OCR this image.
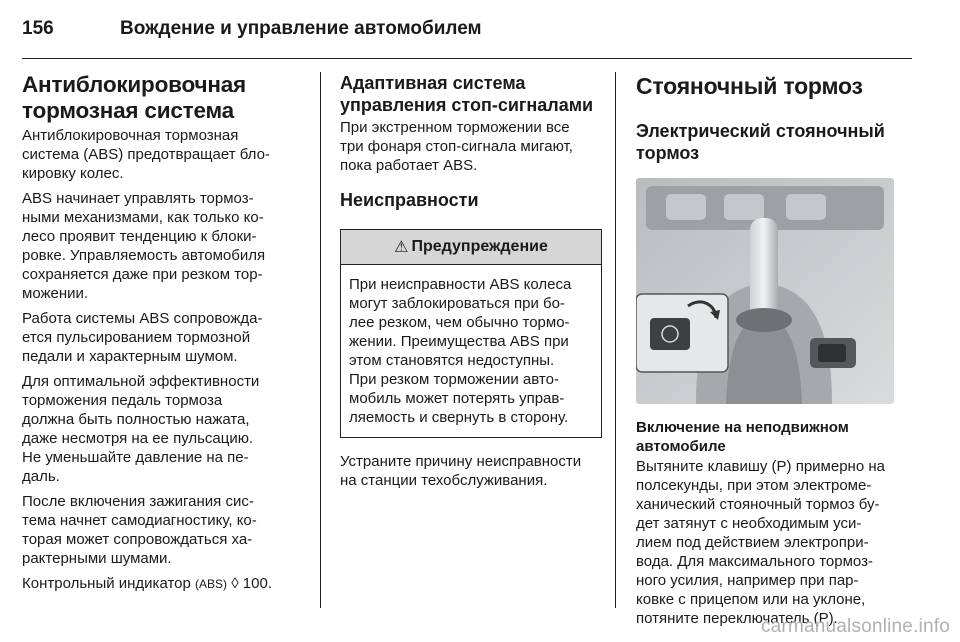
156	Вождение и управление автомобилем
Антиблокировочная тормозная система

Антиблокировочная тормозная
система (ABS) предотвращает бло-
кировку колес.

ABS начинает управлять тормоз-
ными механизмами, как только ко-
лесо проявит тенденцию к блоки-
ровке. Управляемость автомобиля
сохраняется даже при резком тор-
можении.

Работа системы ABS сопровожда-
ется пульсированием тормозной
педали и характерным шумом.

Для оптимальной эффективности
торможения педаль тормоза
должна быть полностью нажата,
даже несмотря на ее пульсацию.
Не уменьшайте давление на пе-
даль.

После включения зажигания сис-
тема начнет самодиагностику, ко-
торая может сопровождаться ха-
рактерными шумами.

Контрольный индикатор (ABS) ◊ 100.

Адаптивная система управления стоп-сигналами

При экстренном торможении все
три фонаря стоп-сигнала мигают,
пока работает ABS.

Неисправности
⚠ Предупреждение
При неисправности ABS колеса
могут заблокироваться при бо-
лее резком, чем обычно тормо-
жении. Преимущества ABS при
этом становятся недоступны.
При резком торможении авто-
мобиль может потерять управ-
ляемость и свернуть в сторону.

Устраните причину неисправности
на станции техобслуживания.

Стояночный тормоз
Электрический стояночный тормоз
Включение на неподвижном автомобиле

Вытяните клавишу (P) примерно на
полсекунды, при этом электроме-
ханический стояночный тормоз бу-
дет затянут с необходимым уси-
лием под действием электропри-
вода. Для максимального тормоз-
ного усилия, например при пар-
ковке с прицепом или на уклоне,
потяните переключатель (P).

carmanualsonline.info
